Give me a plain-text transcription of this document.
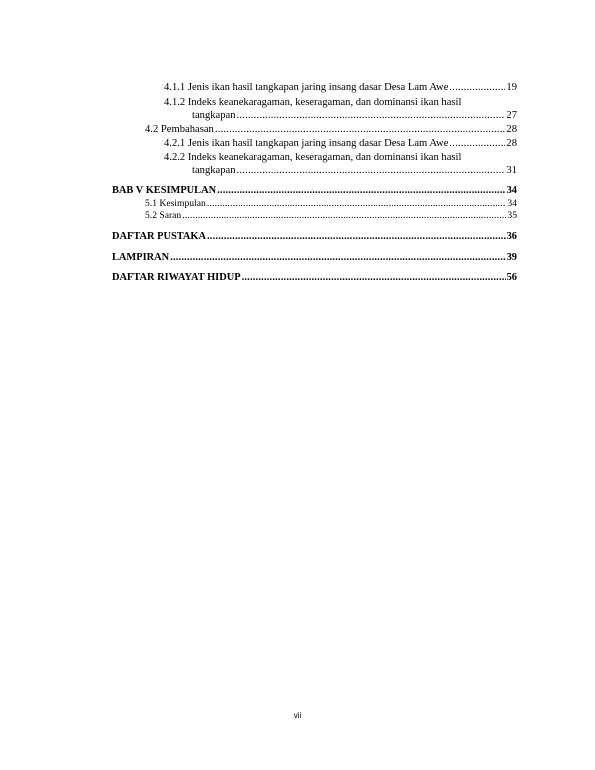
4.1.1 Jenis ikan hasil tangkapan jaring insang dasar Desa Lam Awe .....	19
4.1.2 Indeks keanekaragaman, keseragaman, dan dominansi ikan hasil
tangkapan .....	27
4.2 Pembahasan .....	28
4.2.1 Jenis ikan hasil tangkapan jaring insang dasar Desa Lam Awe .....	28
4.2.2 Indeks keanekaragaman, keseragaman, dan dominansi ikan hasil
tangkapan .....	31
BAB V KESIMPULAN .....	34
5.1 Kesimpulan .....	34
5.2 Saran .....	35
DAFTAR PUSTAKA .....	36
LAMPIRAN .....	39
DAFTAR RIWAYAT HIDUP .....	56
vii
